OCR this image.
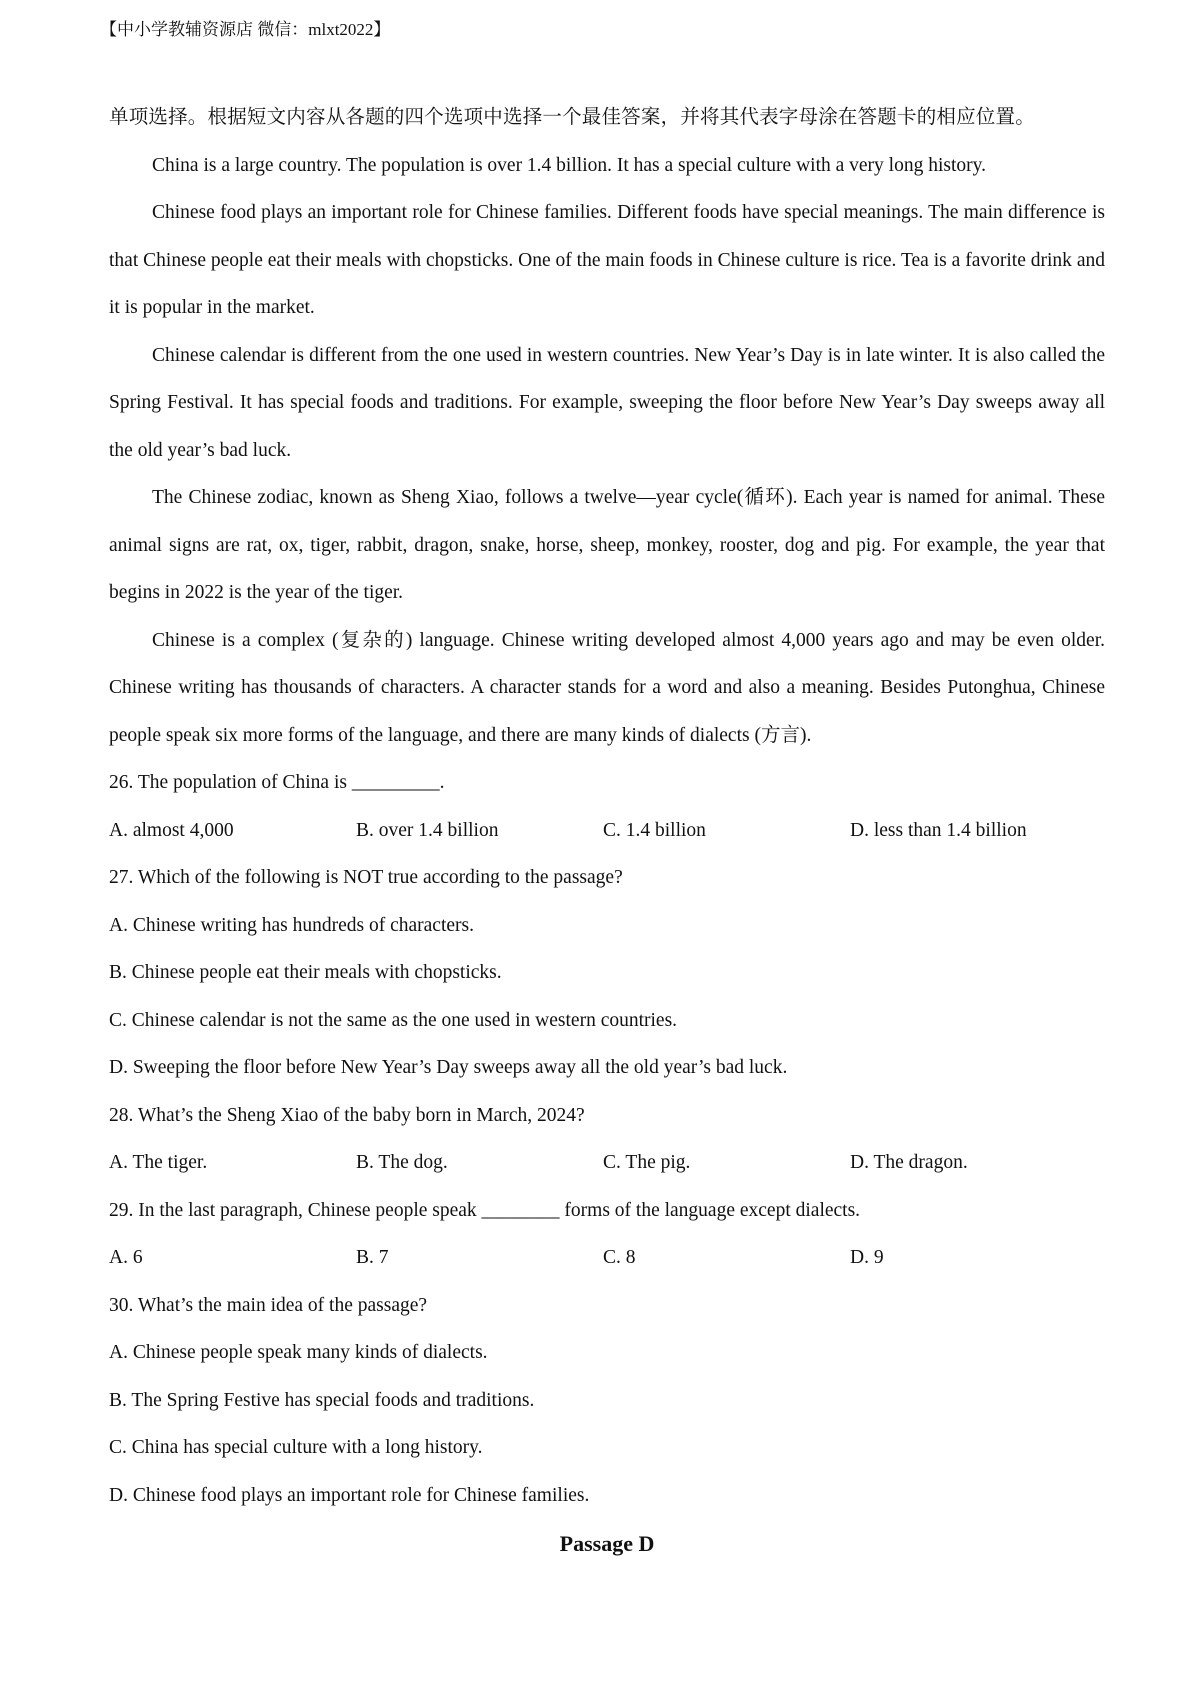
【中小学教辅资源店 微信：mlxt2022】

单项选择。根据短文内容从各题的四个选项中选择一个最佳答案，并将其代表字母涂在答题卡的相应位置。

China is a large country. The population is over 1.4 billion. It has a special culture with a very long history.

Chinese food plays an important role for Chinese families. Different foods have special meanings. The main difference is that Chinese people eat their meals with chopsticks. One of the main foods in Chinese culture is rice. Tea is a favorite drink and it is popular in the market.

Chinese calendar is different from the one used in western countries. New Year’s Day is in late winter. It is also called the Spring Festival. It has special foods and traditions. For example, sweeping the floor before New Year’s Day sweeps away all the old year’s bad luck.

The Chinese zodiac, known as Sheng Xiao, follows a twelve—year cycle(循环). Each year is named for animal. These animal signs are rat, ox, tiger, rabbit, dragon, snake, horse, sheep, monkey, rooster, dog and pig. For example, the year that begins in 2022 is the year of the tiger.

Chinese is a complex (复杂的) language. Chinese writing developed almost 4,000 years ago and may be even older. Chinese writing has thousands of characters. A character stands for a word and also a meaning. Besides Putonghua, Chinese people speak six more forms of the language, and there are many kinds of dialects (方言).

26. The population of China is _________.

A. almost 4,000	B. over 1.4 billion	C. 1.4 billion	D. less than 1.4 billion

27. Which of the following is NOT true according to the passage?

A. Chinese writing has hundreds of characters.

B. Chinese people eat their meals with chopsticks.

C. Chinese calendar is not the same as the one used in western countries.

D. Sweeping the floor before New Year’s Day sweeps away all the old year’s bad luck.

28. What’s the Sheng Xiao of the baby born in March, 2024?

A. The tiger.	B. The dog.	C. The pig.	D. The dragon.

29. In the last paragraph, Chinese people speak ________ forms of the language except dialects.

A. 6	B. 7	C. 8	D. 9

30. What’s the main idea of the passage?

A. Chinese people speak many kinds of dialects.

B. The Spring Festive has special foods and traditions.

C. China has special culture with a long history.

D. Chinese food plays an important role for Chinese families.

Passage D
